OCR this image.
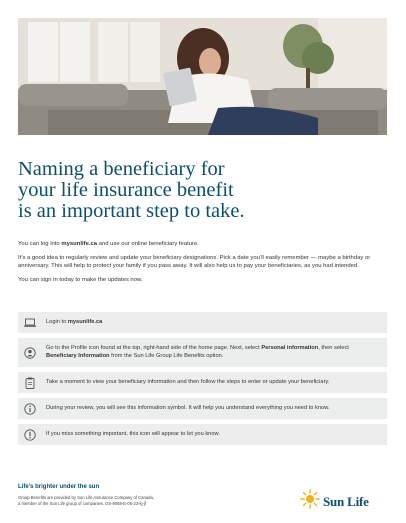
Naming a beneficiary for
your life insurance benefit
is an important step to take.

You can log into mysunlife.ca and use our online beneficiary feature.

It’s a good idea to regularly review and update your beneficiary designations. Pick a date you’ll easily remember — maybe a birthday or anniversary. This will help to protect your family if you pass away. It will also help us to pay your beneficiaries, as you had intended.

You can sign in today to make the updates now.

Login to mysunlife.ca
Go to the Profile icon found at the top, right-hand side of the home page. Next, select Personal information, then select Beneficiary Information from the Sun Life Group Life Benefits option.
Take a moment to view your beneficiary information and then follow the steps to enter or update your beneficiary.
During your review, you will see this information symbol. It will help you understand everything you need to know.
If you miss something important, this icon will appear to let you know.
Life’s brighter under the sun
Group Benefits are provided by Sun Life Assurance Company of Canada,
a member of the Sun Life group of companies. DS-9068-E-05-23-kj-jf	Sun Life
